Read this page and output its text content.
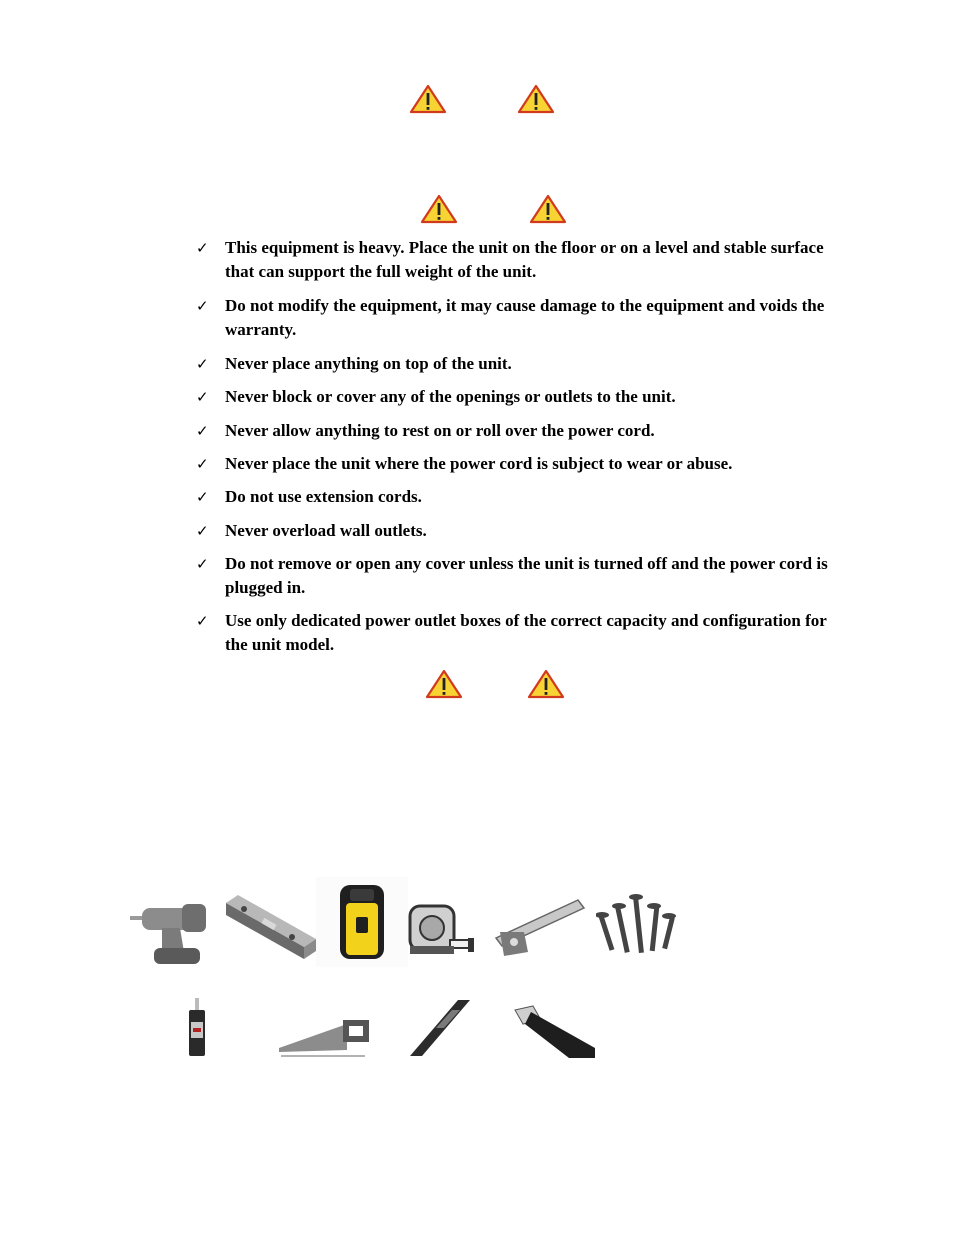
✓ This equipment is heavy. Place the unit on the floor or on a level and stable surface that can support the full weight of the unit.
✓ Do not modify the equipment, it may cause damage to the equipment and voids the warranty.
✓ Never place anything on top of the unit.
✓ Never block or cover any of the openings or outlets to the unit.
✓ Never allow anything to rest on or roll over the power cord.
✓ Never place the unit where the power cord is subject to wear or abuse.
✓ Do not use extension cords.
✓ Never overload wall outlets.
✓ Do not remove or open any cover unless the unit is turned off and the power cord is plugged in.
✓ Use only dedicated power outlet boxes of the correct capacity and configuration for the unit model.
